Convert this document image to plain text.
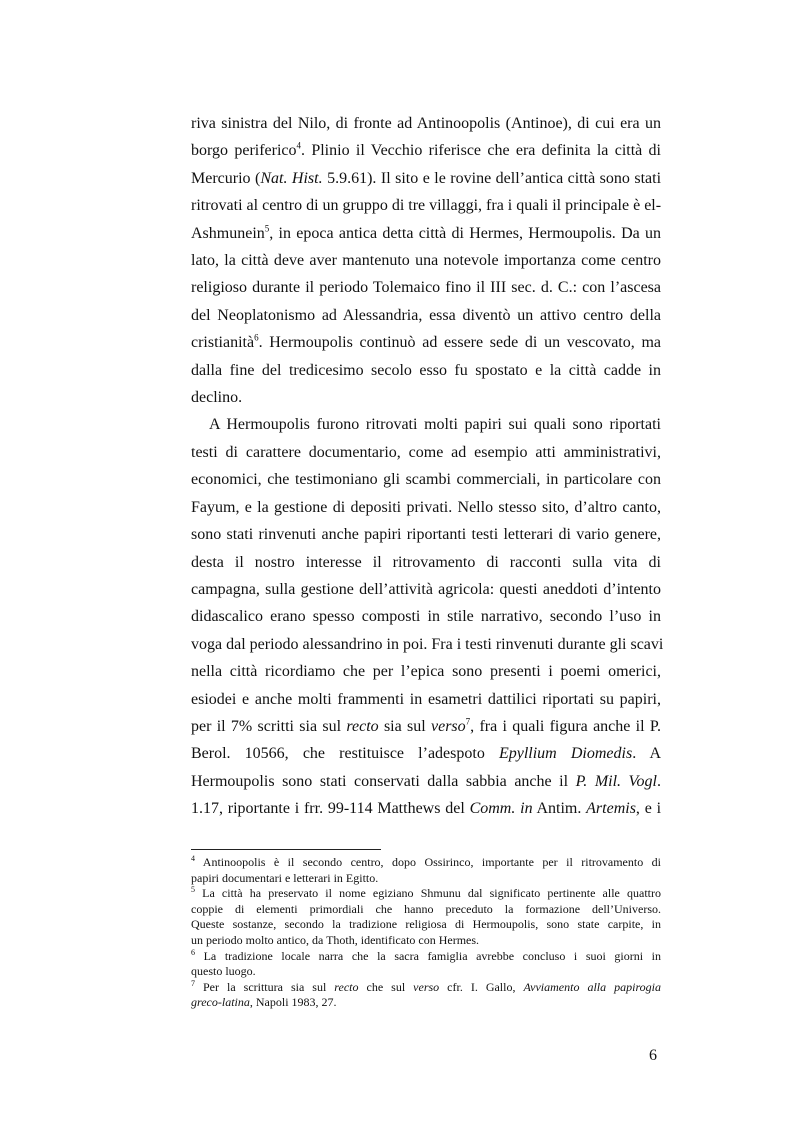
riva sinistra del Nilo, di fronte ad Antinoopolis (Antinoe), di cui era un
borgo periferico$^4$. Plinio il Vecchio riferisce che era definita la città di
Mercurio (Nat. Hist. 5.9.61). Il sito e le rovine dell’antica città sono stati
ritrovati al centro di un gruppo di tre villaggi, fra i quali il principale è el-
Ashmunein$^5$, in epoca antica detta città di Hermes, Hermoupolis. Da un
lato, la città deve aver mantenuto una notevole importanza come centro
religioso durante il periodo Tolemaico fino il III sec. d. C.: con l’ascesa
del Neoplatonismo ad Alessandria, essa diventò un attivo centro della
cristianità$^6$. Hermoupolis continuò ad essere sede di un vescovato, ma
dalla fine del tredicesimo secolo esso fu spostato e la città cadde in
declino.

A Hermoupolis furono ritrovati molti papiri sui quali sono riportati
testi di carattere documentario, come ad esempio atti amministrativi,
economici, che testimoniano gli scambi commerciali, in particolare con
Fayum, e la gestione di depositi privati. Nello stesso sito, d’altro canto,
sono stati rinvenuti anche papiri riportanti testi letterari di vario genere,
desta il nostro interesse il ritrovamento di racconti sulla vita di
campagna, sulla gestione dell’attività agricola: questi aneddoti d’intento
didascalico erano spesso composti in stile narrativo, secondo l’uso in
voga dal periodo alessandrino in poi. Fra i testi rinvenuti durante gli scavi
nella città ricordiamo che per l’epica sono presenti i poemi omerici,
esiodei e anche molti frammenti in esametri dattilici riportati su papiri,
per il 7% scritti sia sul recto sia sul verso$^7$, fra i quali figura anche il P.
Berol. 10566, che restituisce l’adespoto Epyllium Diomedis. A
Hermoupolis sono stati conservati dalla sabbia anche il P. Mil. Vogl.
1.17, riportante i frr. 99-114 Matthews del Comm. in Antim. Artemis, e i

$^4$ Antinoopolis è il secondo centro, dopo Ossirinco, importante per il ritrovamento di
papiri documentari e letterari in Egitto.
$^5$ La città ha preservato il nome egiziano Shmunu dal significato pertinente alle quattro
coppie di elementi primordiali che hanno preceduto la formazione dell’Universo.
Queste sostanze, secondo la tradizione religiosa di Hermoupolis, sono state carpite, in
un periodo molto antico, da Thoth, identificato con Hermes.
$^6$ La tradizione locale narra che la sacra famiglia avrebbe concluso i suoi giorni in
questo luogo.
$^7$ Per la scrittura sia sul recto che sul verso cfr. I. Gallo, Avviamento alla papirogia
greco-latina, Napoli 1983, 27.
6
